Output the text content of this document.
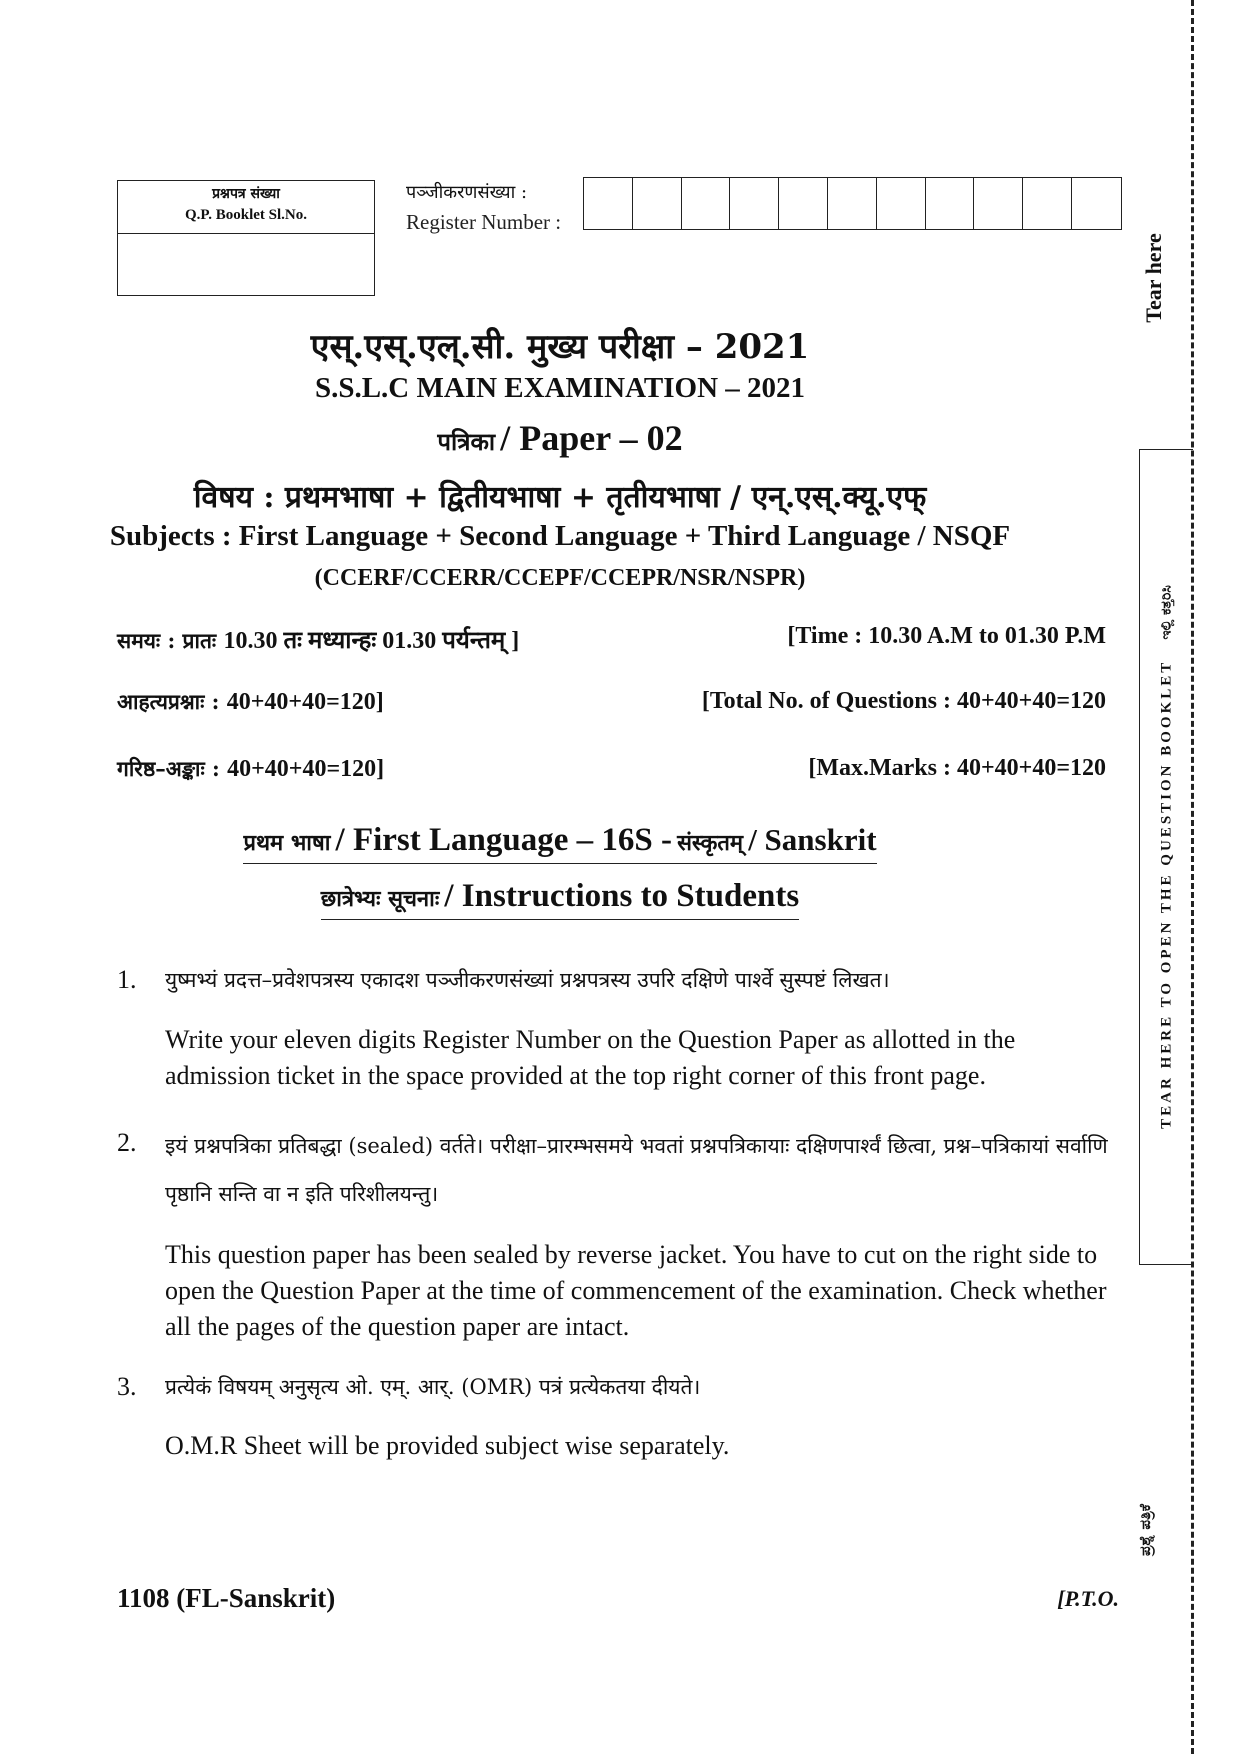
प्रश्नपत्र संख्या
Q.P. Booklet Sl.No.
पञ्जीकरणसंख्या :
Register Number :
एस्.एस्.एल्.सी. मुख्य परीक्षा – 2021
S.S.L.C MAIN EXAMINATION – 2021
पत्रिका / Paper – 02
विषय : प्रथमभाषा + द्वितीयभाषा + तृतीयभाषा / एन्.एस्.क्यू.एफ्
Subjects : First Language + Second Language + Third Language / NSQF
(CCERF/CCERR/CCEPF/CCEPR/NSR/NSPR)
समयः : प्रातः 10.30 तः मध्यान्हः 01.30 पर्यन्तम् ]	[Time : 10.30 A.M to 01.30 P.M
आहत्यप्रश्नाः : 40+40+40=120]	[Total No. of Questions : 40+40+40=120
गरिष्ठ–अङ्काः : 40+40+40=120]	[Max.Marks : 40+40+40=120
प्रथम भाषा / First Language – 16S - संस्कृतम् / Sanskrit
छात्रेभ्यः सूचनाः / Instructions to Students
1. युष्मभ्यं प्रदत्त–प्रवेशपत्रस्य एकादश पञ्जीकरणसंख्यां प्रश्नपत्रस्य उपरि दक्षिणे पार्श्वे सुस्पष्टं लिखत।
Write your eleven digits Register Number on the Question Paper as allotted in the admission ticket in the space provided at the top right corner of this front page.
2. इयं प्रश्नपत्रिका प्रतिबद्धा (sealed) वर्तते। परीक्षा–प्रारम्भसमये भवतां प्रश्नपत्रिकायाः दक्षिणपार्श्वं छित्वा, प्रश्न–पत्रिकायां सर्वाणि पृष्ठानि सन्ति वा न इति परिशीलयन्तु।
This question paper has been sealed by reverse jacket. You have to cut on the right side to open the Question Paper at the time of commencement of the examination. Check whether all the pages of the question paper are intact.
3. प्रत्येकं विषयम् अनुसृत्य ओ. एम्. आर्. (OMR) पत्रं प्रत्येकतया दीयते।
O.M.R Sheet will be provided subject wise separately.
1108 (FL-Sanskrit)	[P.T.O.
Tear here
TEAR HERE TO OPEN THE QUESTION BOOKLET   ಇಲ್ಲಿ ಕತ್ತರಿಸಿ
ಪ್ರಶ್ನೆ ಪತ್ರಿಕೆ
